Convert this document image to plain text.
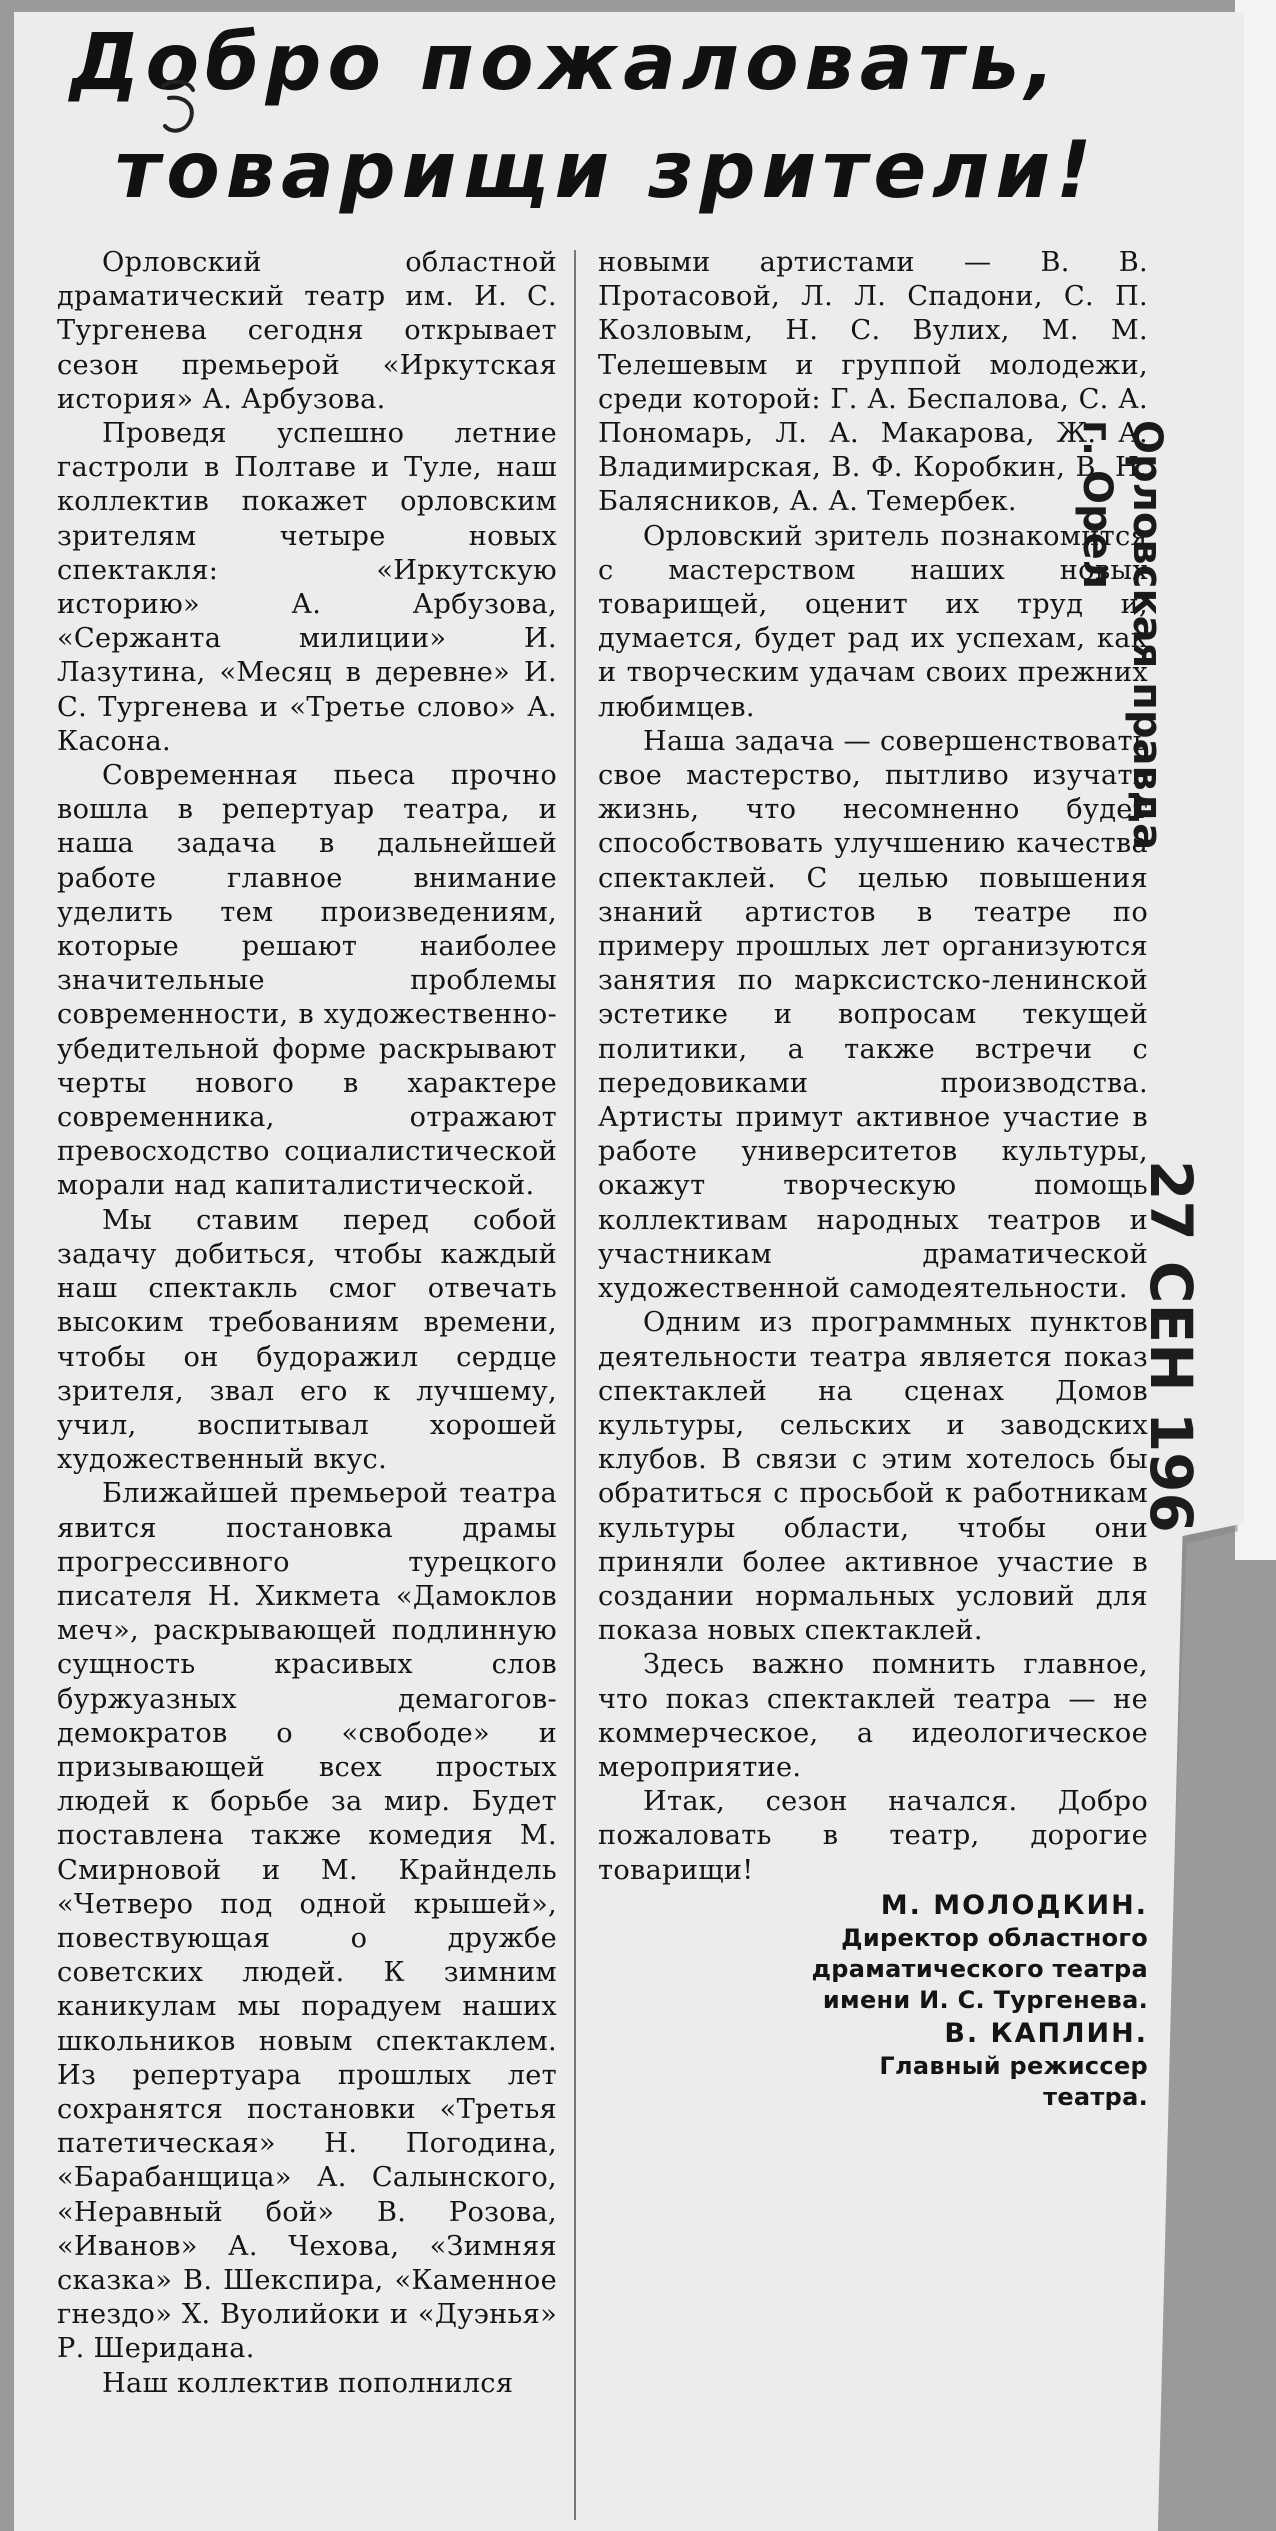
Добро пожаловать,
товарищи зрители!

Орловский областной драматический театр им. И. С. Тургенева сегодня открывает сезон премьерой «Иркутская история» А. Арбузова.

Проведя успешно летние гастроли в Полтаве и Туле, наш коллектив покажет орловским зрителям четыре новых спектакля: «Иркутскую историю» А. Арбузова, «Сержанта милиции» И. Лазутина, «Месяц в деревне» И. С. Тургенева и «Третье слово» А. Касона.

Современная пьеса прочно вошла в репертуар театра, и наша задача в дальнейшей работе главное внимание уделить тем произведениям, которые решают наиболее значительные проблемы современности, в художественно-убедительной форме раскрывают черты нового в характере современника, отражают превосходство социалистической морали над капиталистической.

Мы ставим перед собой задачу добиться, чтобы каждый наш спектакль смог отвечать высоким требованиям времени, чтобы он будоражил сердце зрителя, звал его к лучшему, учил, воспитывал хорошей художественный вкус.

Ближайшей премьерой театра явится постановка драмы прогрессивного турецкого писателя Н. Хикмета «Дамоклов меч», раскрывающей подлинную сущность красивых слов буржуазных демагогов-демократов о «свободе» и призывающей всех простых людей к борьбе за мир. Будет поставлена также комедия М. Смирновой и М. Крайндель «Четверо под одной крышей», повествующая о дружбе советских людей. К зимним каникулам мы порадуем наших школьников новым спектаклем. Из репертуара прошлых лет сохранятся постановки «Третья патетическая» Н. Погодина, «Барабанщица» А. Салынского, «Неравный бой» В. Розова, «Иванов» А. Чехова, «Зимняя сказка» В. Шекспира, «Каменное гнездо» Х. Вуолийоки и «Дуэнья» Р. Шеридана.

Наш коллектив пополнился

новыми артистами — В. В. Протасовой, Л. Л. Спадони, С. П. Козловым, Н. С. Вулих, М. М. Телешевым и группой молодежи, среди которой: Г. А. Беспалова, С. А. Пономарь, Л. А. Макарова, Ж. А. Владимирская, В. Ф. Коробкин, В. Н. Балясников, А. А. Темербек.

Орловский зритель познакомится с мастерством наших новых товарищей, оценит их труд и, думается, будет рад их успехам, как и творческим удачам своих прежних любимцев.

Наша задача — совершенствовать свое мастерство, пытливо изучать жизнь, что несомненно будет способствовать улучшению качества спектаклей. С целью повышения знаний артистов в театре по примеру прошлых лет организуются занятия по марксистско-ленинской эстетике и вопросам текущей политики, а также встречи с передовиками производства. Артисты примут активное участие в работе университетов культуры, окажут творческую помощь коллективам народных театров и участникам драматической художественной самодеятельности.

Одним из программных пунктов деятельности театра является показ спектаклей на сценах Домов культуры, сельских и заводских клубов. В связи с этим хотелось бы обратиться с просьбой к работникам культуры области, чтобы они приняли более активное участие в создании нормальных условий для показа новых спектаклей.

Здесь важно помнить главное, что показ спектаклей театра — не коммерческое, а идеологическое мероприятие.

Итак, сезон начался. Добро пожаловать в театр, дорогие товарищи!

М. МОЛОДКИН.

Директор областного

драматического театра

имени И. С. Тургенева.

В. КАПЛИН.

Главный режиссер

театра.

Орловская правда
г. Орел
27 СЕН 196
